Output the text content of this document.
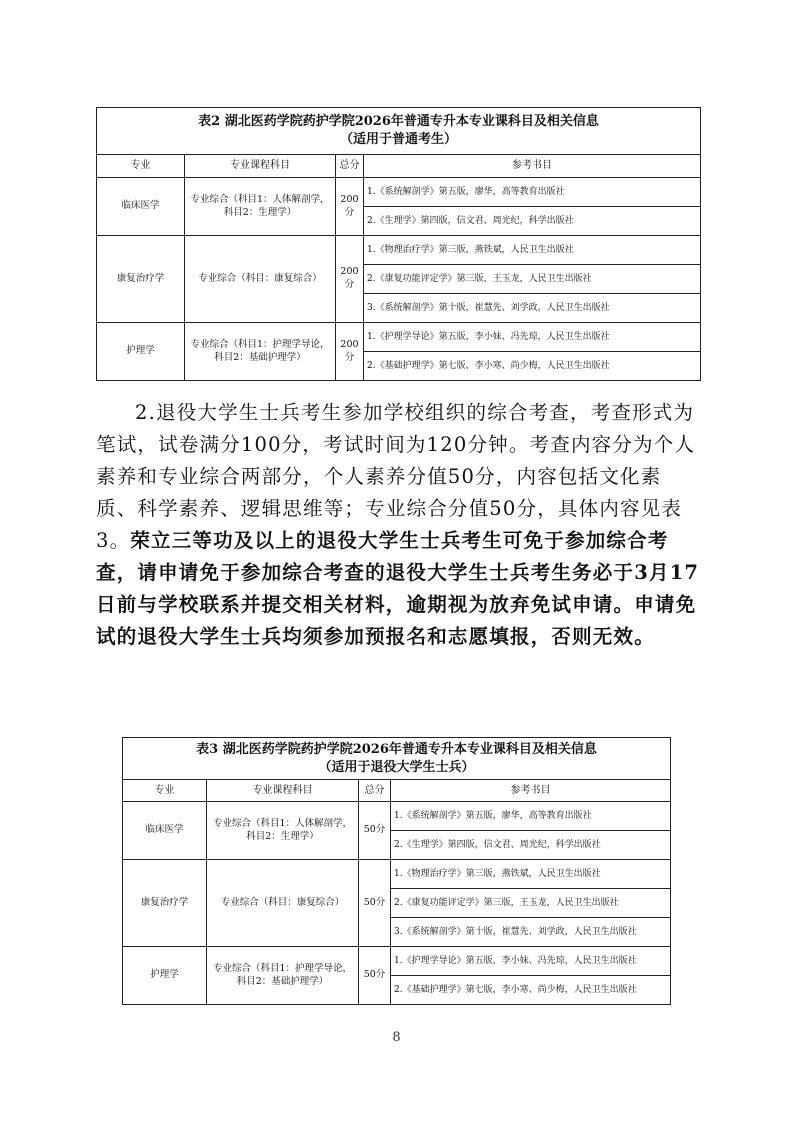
表2 湖北医药学院药护学院2026年普通专升本专业课科目及相关信息
（适用于普通考生）			

专业	专业课程科目	总分	参考书目
临床医学	专业综合（科目1：人体解剖学，科目2：生理学）	200分	1.《系统解剖学》第五版，廖华，高等教育出版社
			2.《生理学》第四版，信文君、周光纪，科学出版社
康复治疗学	专业综合（科目：康复综合）	200分	1.《物理治疗学》第三版，燕铁斌，人民卫生出版社
			2.《康复功能评定学》第三版，王玉龙，人民卫生出版社
			3.《系统解剖学》第十版，崔慧先、刘学政，人民卫生出版社
护理学	专业综合（科目1：护理学导论，科目2：基础护理学）	200分	1.《护理学导论》第五版，李小妹、冯先琼，人民卫生出版社
			2.《基础护理学》第七版，李小寒、尚少梅，人民卫生出版社
2.退役大学生士兵考生参加学校组织的综合考查，考查形式为笔试，试卷满分100分，考试时间为120分钟。考查内容分为个人素养和专业综合两部分，个人素养分值50分，内容包括文化素质、科学素养、逻辑思维等；专业综合分值50分，具体内容见表3。荣立三等功及以上的退役大学生士兵考生可免于参加综合考查，请申请免于参加综合考查的退役大学生士兵考生务必于3月17日前与学校联系并提交相关材料，逾期视为放弃免试申请。申请免试的退役大学生士兵均须参加预报名和志愿填报，否则无效。
表3 湖北医药学院药护学院2026年普通专升本专业课科目及相关信息
（适用于退役大学生士兵）			

专业	专业课程科目	总分	参考书目
临床医学	专业综合（科目1：人体解剖学，科目2：生理学）	50分	1.《系统解剖学》第五版，廖华，高等教育出版社
			2.《生理学》第四版，信文君、周光纪，科学出版社
康复治疗学	专业综合（科目：康复综合）	50分	1.《物理治疗学》第三版，燕铁斌，人民卫生出版社
			2.《康复功能评定学》第三版，王玉龙，人民卫生出版社
			3.《系统解剖学》第十版，崔慧先、刘学政，人民卫生出版社
护理学	专业综合（科目1：护理学导论，科目2：基础护理学）	50分	1.《护理学导论》第五版，李小妹、冯先琼，人民卫生出版社
			2.《基础护理学》第七版，李小寒、尚少梅，人民卫生出版社
8
